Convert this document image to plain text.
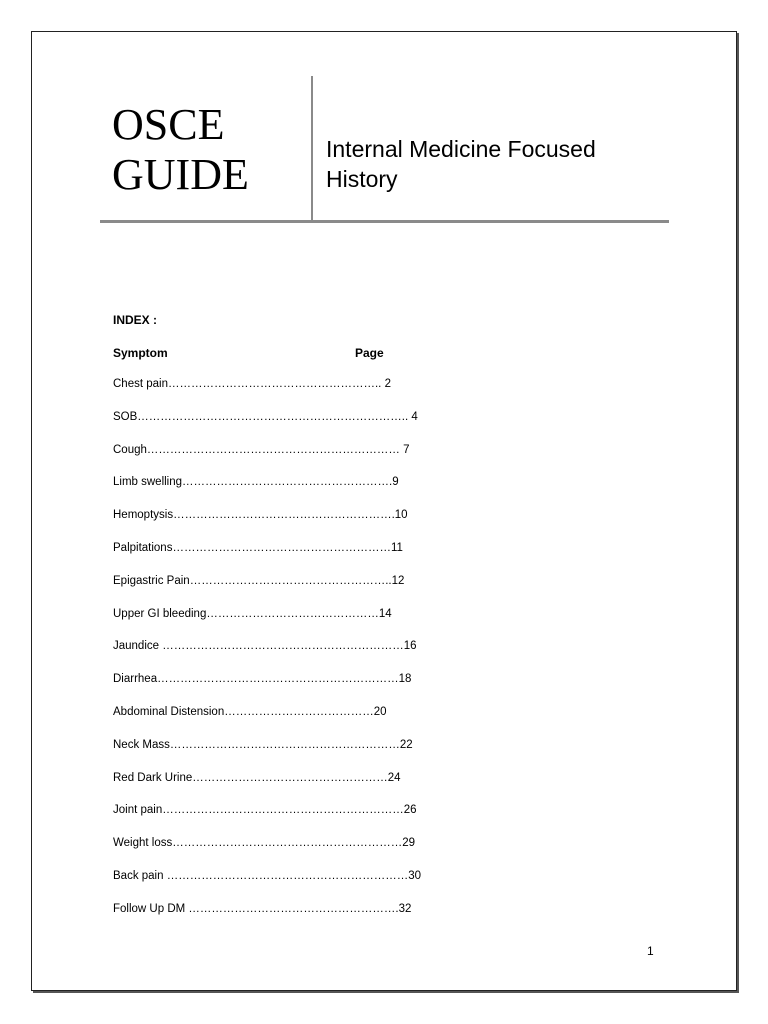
OSCE
GUIDE
Internal Medicine Focused
History
INDEX :
Symptom	Page
Chest pain……………………………………………….. 2
SOB…………………………………………………………….. 4
Cough………………………………………………………… 7
Limb swelling……………………………………………….9
Hemoptysis………………………………………………….10
Palpitations…………………………………………………11
Epigastric Pain……………………………………………..12
Upper GI bleeding………………………………………14
Jaundice ………………………………………………………16
Diarrhea………………………………………………………18
Abdominal Distension…………………………………20
Neck Mass……………………………………………………22
Red Dark Urine……………………………………………24
Joint pain………………………………………………………26
Weight loss……………………………………………………29
Back pain ………………………………………………………30
Follow Up DM ……………………………………………….32
1
